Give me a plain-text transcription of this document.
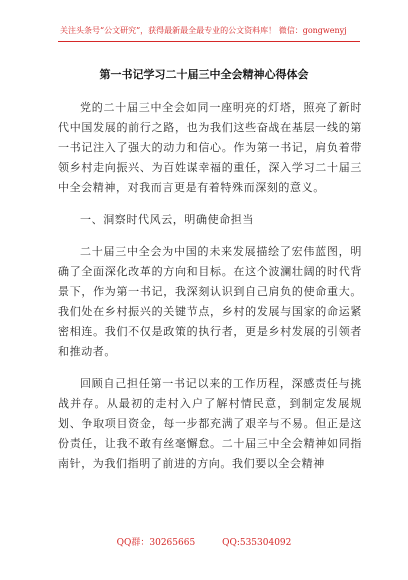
关注头条号“公文研究”，获得最新最全最专业的公文资料库！ 微信：gongwenyj
第一书记学习二十届三中全会精神心得体会

党的二十届三中全会如同一座明亮的灯塔，照亮了新时代中国发展的前行之路，也为我们这些奋战在基层一线的第一书记注入了强大的动力和信心。作为第一书记，肩负着带领乡村走向振兴、为百姓谋幸福的重任，深入学习二十届三中全会精神，对我而言更是有着特殊而深刻的意义。

一、洞察时代风云，明确使命担当

二十届三中全会为中国的未来发展描绘了宏伟蓝图，明确了全面深化改革的方向和目标。在这个波澜壮阔的时代背景下，作为第一书记，我深刻认识到自己肩负的使命重大。我们处在乡村振兴的关键节点，乡村的发展与国家的命运紧密相连。我们不仅是政策的执行者，更是乡村发展的引领者和推动者。

回顾自己担任第一书记以来的工作历程，深感责任与挑战并存。从最初的走村入户了解村情民意，到制定发展规划、争取项目资金，每一步都充满了艰辛与不易。但正是这份责任，让我不敢有丝毫懈怠。二十届三中全会精神如同指南针，为我们指明了前进的方向。我们要以全会精神

QQ群：30265665	QQ:535304092
